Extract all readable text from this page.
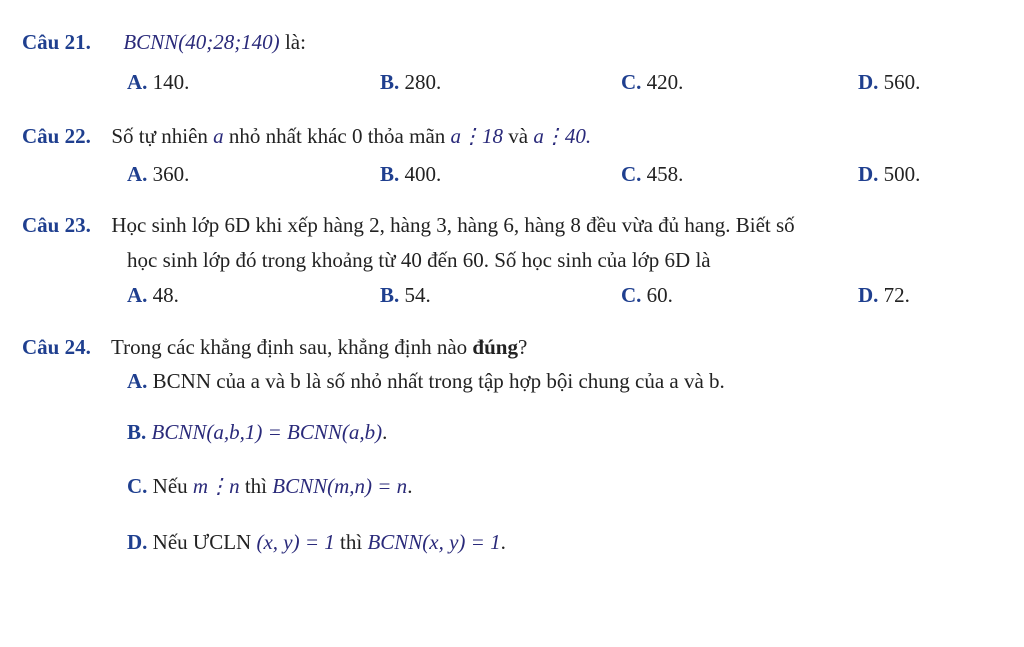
Câu 21. BCNN(40;28;140) là:
A. 140.	B. 280.	C. 420.	D. 560.
Câu 22. Số tự nhiên a nhỏ nhất khác 0 thỏa mãn a⋮18 và a⋮40.
A. 360.	B. 400.	C. 458.	D. 500.
Câu 23. Học sinh lớp 6D khi xếp hàng 2, hàng 3, hàng 6, hàng 8 đều vừa đủ hang. Biết số
học sinh lớp đó trong khoảng từ 40 đến 60. Số học sinh của lớp 6D là
A. 48.	B. 54.	C. 60.	D. 72.
Câu 24. Trong các khẳng định sau, khẳng định nào đúng?
A. BCNN của a và b là số nhỏ nhất trong tập hợp bội chung của a và b.
B. BCNN(a,b,1) = BCNN(a,b).
C. Nếu m⋮n thì BCNN(m,n) = n.
D. Nếu ƯCLN (x, y) = 1 thì BCNN(x, y) = 1.
